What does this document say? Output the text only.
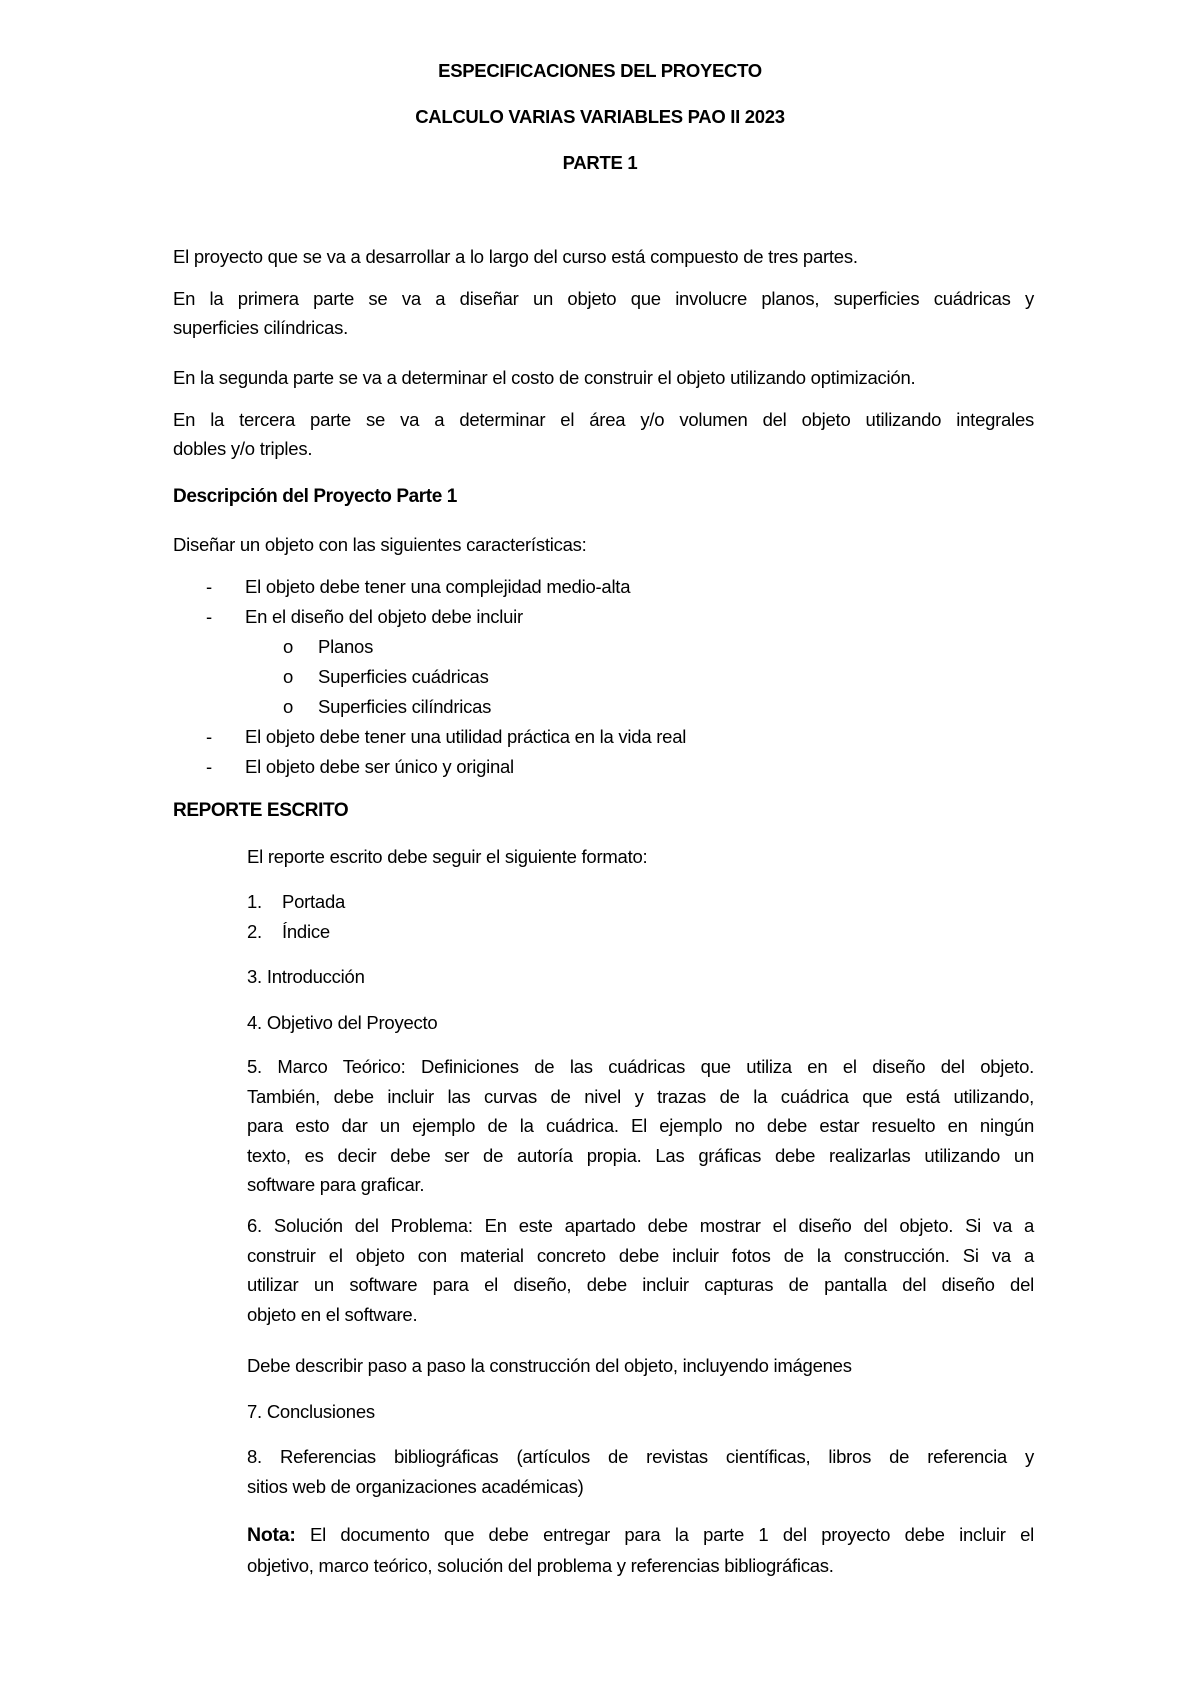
ESPECIFICACIONES DEL PROYECTO
CALCULO VARIAS VARIABLES PAO II 2023
PARTE 1
El proyecto que se va a desarrollar a lo largo del curso está compuesto de tres partes.
En la primera parte se va a diseñar un objeto que involucre planos, superficies cuádricas y
superficies cilíndricas.
En la segunda parte se va a determinar el costo de construir el objeto utilizando optimización.
En la tercera parte se va a determinar el área y/o volumen del objeto utilizando integrales
dobles y/o triples.
Descripción del Proyecto Parte 1
Diseñar un objeto con las siguientes características:
- El objeto debe tener una complejidad medio-alta
- En el diseño del objeto debe incluir
o Planos
o Superficies cuádricas
o Superficies cilíndricas
- El objeto debe tener una utilidad práctica en la vida real
- El objeto debe ser único y original
REPORTE ESCRITO
El reporte escrito debe seguir el siguiente formato:
1. Portada
2. Índice
3. Introducción
4. Objetivo del Proyecto
5. Marco Teórico: Definiciones de las cuádricas que utiliza en el diseño del objeto.
También, debe incluir las curvas de nivel y trazas de la cuádrica que está utilizando,
para esto dar un ejemplo de la cuádrica. El ejemplo no debe estar resuelto en ningún
texto, es decir debe ser de autoría propia. Las gráficas debe realizarlas utilizando un
software para graficar.
6. Solución del Problema: En este apartado debe mostrar el diseño del objeto. Si va a
construir el objeto con material concreto debe incluir fotos de la construcción. Si va a
utilizar un software para el diseño, debe incluir capturas de pantalla del diseño del
objeto en el software.
Debe describir paso a paso la construcción del objeto, incluyendo imágenes
7. Conclusiones
8. Referencias bibliográficas (artículos de revistas científicas, libros de referencia y
sitios web de organizaciones académicas)
Nota: El documento que debe entregar para la parte 1 del proyecto debe incluir el
objetivo, marco teórico, solución del problema y referencias bibliográficas.
